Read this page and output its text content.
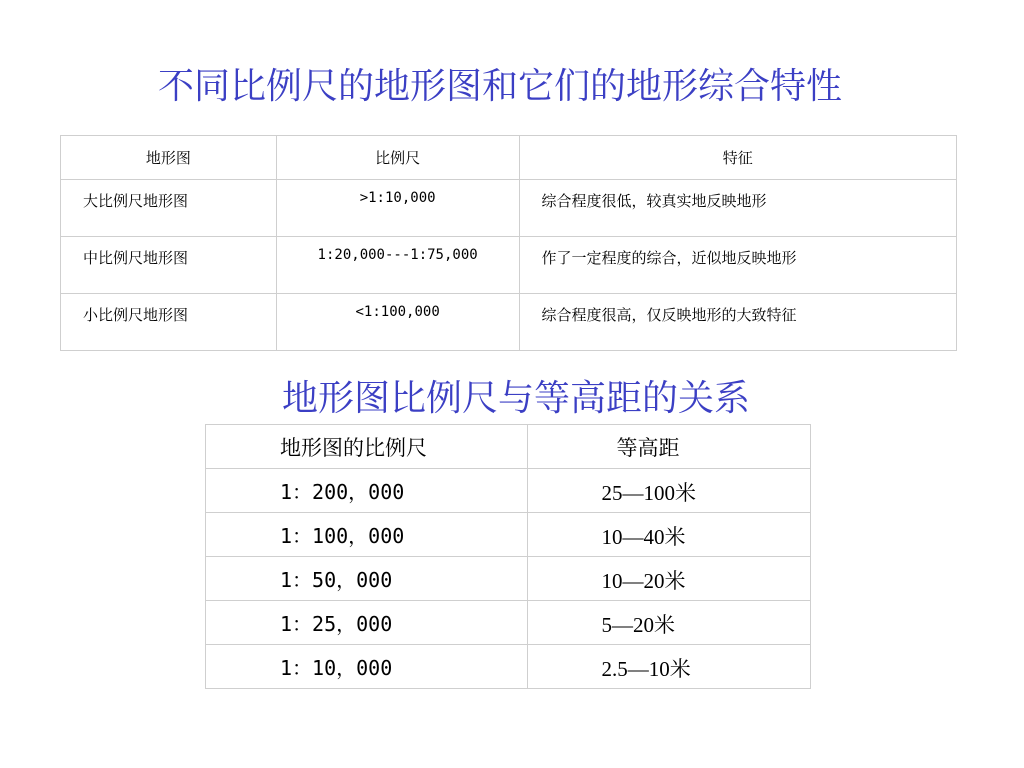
不同比例尺的地形图和它们的地形综合特性
地形图	比例尺	特征
大比例尺地形图	>1:10,000	综合程度很低，较真实地反映地形
中比例尺地形图	1:20,000---1:75,000	作了一定程度的综合，近似地反映地形
小比例尺地形图	<1:100,000	综合程度很高，仅反映地形的大致特征
地形图比例尺与等高距的关系
地形图的比例尺	等高距
1：200，000	25—100米
1：100，000	10—40米
1：50，000	10—20米
1：25，000	5—20米
1：10，000	2.5—10米
